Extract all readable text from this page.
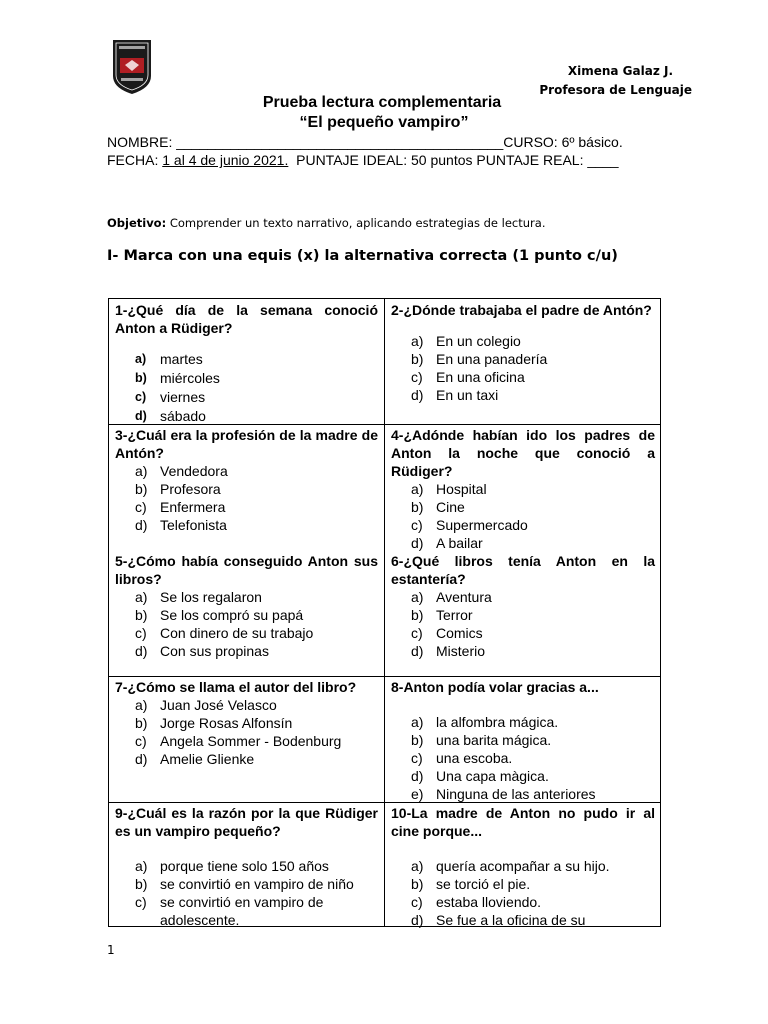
Ximena Galaz J.
Profesora de Lenguaje
Prueba lectura complementaria
“El pequeño vampiro”
NOMBRE: __________________________________________CURSO: 6º básico.
FECHA: 1 al 4 de junio 2021.  PUNTAJE IDEAL: 50 puntos PUNTAJE REAL: ____
Objetivo: Comprender un texto narrativo, aplicando estrategias de lectura.
I- Marca con una equis (x) la alternativa correcta (1 punto c/u)

1-¿Qué día de la semana conoció Anton a Rüdiger?

a) martes
b) miércoles
c) viernes
d) sábado

2-¿Dónde trabajaba el padre de Antón?

a) En un colegio
b) En una panadería
c) En una oficina
d) En un taxi

3-¿Cuál era la profesión de la madre de Antón?

a) Vendedora
b) Profesora
c) Enfermera
d) Telefonista

4-¿Adónde habían ido los padres de Anton la noche que conoció a Rüdiger?

a) Hospital
b) Cine
c) Supermercado
d) A bailar

5-¿Cómo había conseguido Anton sus libros?

a) Se los regalaron
b) Se los compró su papá
c) Con dinero de su trabajo
d) Con sus propinas

6-¿Qué libros tenía Anton en la estantería?

a) Aventura
b) Terror
c) Comics
d) Misterio

7-¿Cómo se llama el autor del libro?

a) Juan José Velasco
b) Jorge Rosas Alfonsín
c) Angela Sommer - Bodenburg
d) Amelie Glienke

8-Anton podía volar gracias a...

a) la alfombra mágica.
b) una barita mágica.
c) una escoba.
d) Una capa màgica.
e) Ninguna de las anteriores

9-¿Cuál es la razón por la que Rüdiger es un vampiro pequeño?

a) porque tiene solo 150 años
b) se convirtió en vampiro de niño
c) se convirtió en vampiro de adolescente.

10-La madre de Anton no pudo ir al cine porque...

a) quería acompañar a su hijo.
b) se torció el pie.
c) estaba lloviendo.
d) Se fue a la oficina de su
1
